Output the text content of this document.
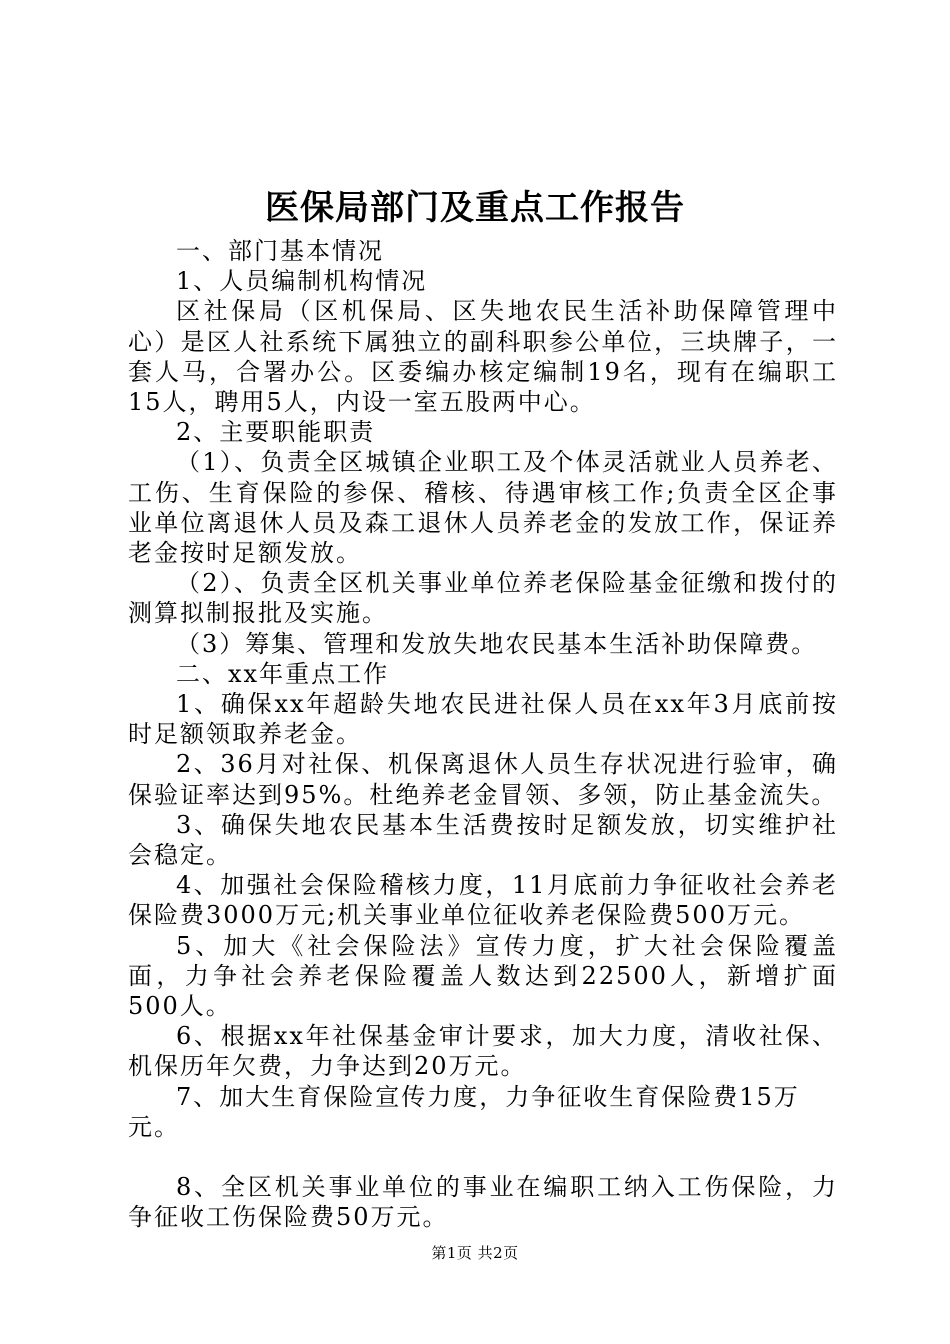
医保局部门及重点工作报告

一、部门基本情况

1、人员编制机构情况

区社保局（区机保局、区失地农民生活补助保障管理中心）是区人社系统下属独立的副科职参公单位，三块牌子，一套人马，合署办公。区委编办核定编制19名，现有在编职工15人，聘用5人，内设一室五股两中心。

2、主要职能职责

（1）、负责全区城镇企业职工及个体灵活就业人员养老、工伤、生育保险的参保、稽核、待遇审核工作;负责全区企事业单位离退休人员及森工退休人员养老金的发放工作，保证养老金按时足额发放。

（2）、负责全区机关事业单位养老保险基金征缴和拨付的测算拟制报批及实施。

（3）筹集、管理和发放失地农民基本生活补助保障费。

二、xx年重点工作

1、确保xx年超龄失地农民进社保人员在xx年3月底前按时足额领取养老金。

2、36月对社保、机保离退休人员生存状况进行验审，确保验证率达到95%。杜绝养老金冒领、多领，防止基金流失。

3、确保失地农民基本生活费按时足额发放，切实维护社会稳定。

4、加强社会保险稽核力度，11月底前力争征收社会养老保险费3000万元;机关事业单位征收养老保险费500万元。

5、加大《社会保险法》宣传力度，扩大社会保险覆盖面，力争社会养老保险覆盖人数达到22500人，新增扩面500人。

6、根据xx年社保基金审计要求，加大力度，清收社保、机保历年欠费，力争达到20万元。

7、加大生育保险宣传力度，力争征收生育保险费15万元。

8、全区机关事业单位的事业在编职工纳入工伤保险，力争征收工伤保险费50万元。

第1页 共2页
